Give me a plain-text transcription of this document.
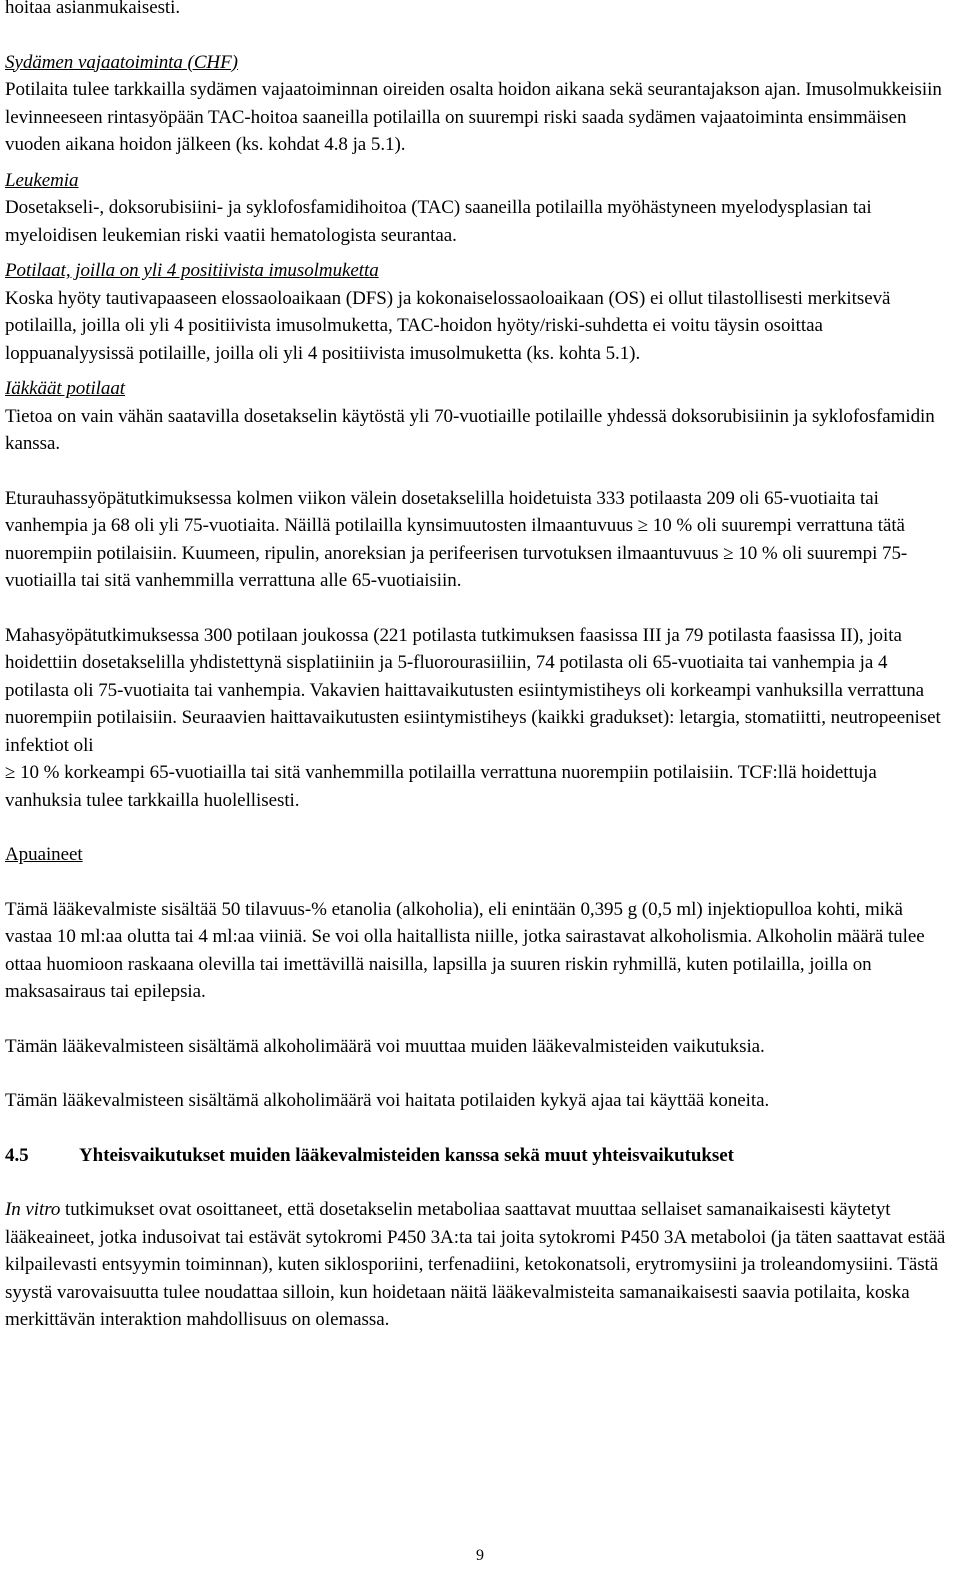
hoitaa asianmukaisesti.

Sydämen vajaatoiminta (CHF)

Potilaita tulee tarkkailla sydämen vajaatoiminnan oireiden osalta hoidon aikana sekä seurantajakson ajan. Imusolmukkeisiin levinneeseen rintasyöpään TAC-hoitoa saaneilla potilailla on suurempi riski saada sydämen vajaatoiminta ensimmäisen vuoden aikana hoidon jälkeen (ks. kohdat 4.8 ja 5.1).

Leukemia

Dosetakseli-, doksorubisiini- ja syklofosfamidihoitoa (TAC) saaneilla potilailla myöhästyneen myelodysplasian tai myeloidisen leukemian riski vaatii hematologista seurantaa.

Potilaat, joilla on yli 4 positiivista imusolmuketta

Koska hyöty tautivapaaseen elossaoloaikaan (DFS) ja kokonaiselossaoloaikaan (OS) ei ollut tilastollisesti merkitsevä potilailla, joilla oli yli 4 positiivista imusolmuketta, TAC-hoidon hyöty/riski-suhdetta ei voitu täysin osoittaa loppuanalyysissä potilaille, joilla oli yli 4 positiivista imusolmuketta (ks. kohta 5.1).

Iäkkäät potilaat

Tietoa on vain vähän saatavilla dosetakselin käytöstä yli 70-vuotiaille potilaille yhdessä doksorubisiinin ja syklofosfamidin kanssa.

Eturauhassyöpätutkimuksessa kolmen viikon välein dosetakselilla hoidetuista 333 potilaasta 209 oli 65-vuotiaita tai vanhempia ja 68 oli yli 75-vuotiaita. Näillä potilailla kynsimuutosten ilmaantuvuus ≥ 10 % oli suurempi verrattuna tätä nuorempiin potilaisiin. Kuumeen, ripulin, anoreksian ja perifeerisen turvotuksen ilmaantuvuus ≥ 10 % oli suurempi 75-vuotiailla tai sitä vanhemmilla verrattuna alle 65-vuotiaisiin.

Mahasyöpätutkimuksessa 300 potilaan joukossa (221 potilasta tutkimuksen faasissa III ja 79 potilasta faasissa II), joita hoidettiin dosetakselilla yhdistettynä sisplatiiniin ja 5-fluorourasiiliin, 74 potilasta oli 65-vuotiaita tai vanhempia ja 4 potilasta oli 75-vuotiaita tai vanhempia. Vakavien haittavaikutusten esiintymistiheys oli korkeampi vanhuksilla verrattuna nuorempiin potilaisiin. Seuraavien haittavaikutusten esiintymistiheys (kaikki gradukset): letargia, stomatiitti, neutropeeniset infektiot oli
≥ 10 % korkeampi 65-vuotiailla tai sitä vanhemmilla potilailla verrattuna nuorempiin potilaisiin. TCF:llä hoidettuja vanhuksia tulee tarkkailla huolellisesti.

Apuaineet

Tämä lääkevalmiste sisältää 50 tilavuus-% etanolia (alkoholia), eli enintään 0,395 g (0,5 ml) injektiopulloa kohti, mikä vastaa 10 ml:aa olutta tai 4 ml:aa viiniä. Se voi olla haitallista niille, jotka sairastavat alkoholismia. Alkoholin määrä tulee ottaa huomioon raskaana olevilla tai imettävillä naisilla, lapsilla ja suuren riskin ryhmillä, kuten potilailla, joilla on maksasairaus tai epilepsia.

Tämän lääkevalmisteen sisältämä alkoholimäärä voi muuttaa muiden lääkevalmisteiden vaikutuksia.

Tämän lääkevalmisteen sisältämä alkoholimäärä voi haitata potilaiden kykyä ajaa tai käyttää koneita.

4.5	Yhteisvaikutukset muiden lääkevalmisteiden kanssa sekä muut yhteisvaikutukset

In vitro tutkimukset ovat osoittaneet, että dosetakselin metaboliaa saattavat muuttaa sellaiset samanaikaisesti käytetyt lääkeaineet, jotka indusoivat tai estävät sytokromi P450 3A:ta tai joita sytokromi P450 3A metaboloi (ja täten saattavat estää kilpailevasti entsyymin toiminnan), kuten siklosporiini, terfenadiini, ketokonatsoli, erytromysiini ja troleandomysiini. Tästä syystä varovaisuutta tulee noudattaa silloin, kun hoidetaan näitä lääkevalmisteita samanaikaisesti saavia potilaita, koska merkittävän interaktion mahdollisuus on olemassa.

9
